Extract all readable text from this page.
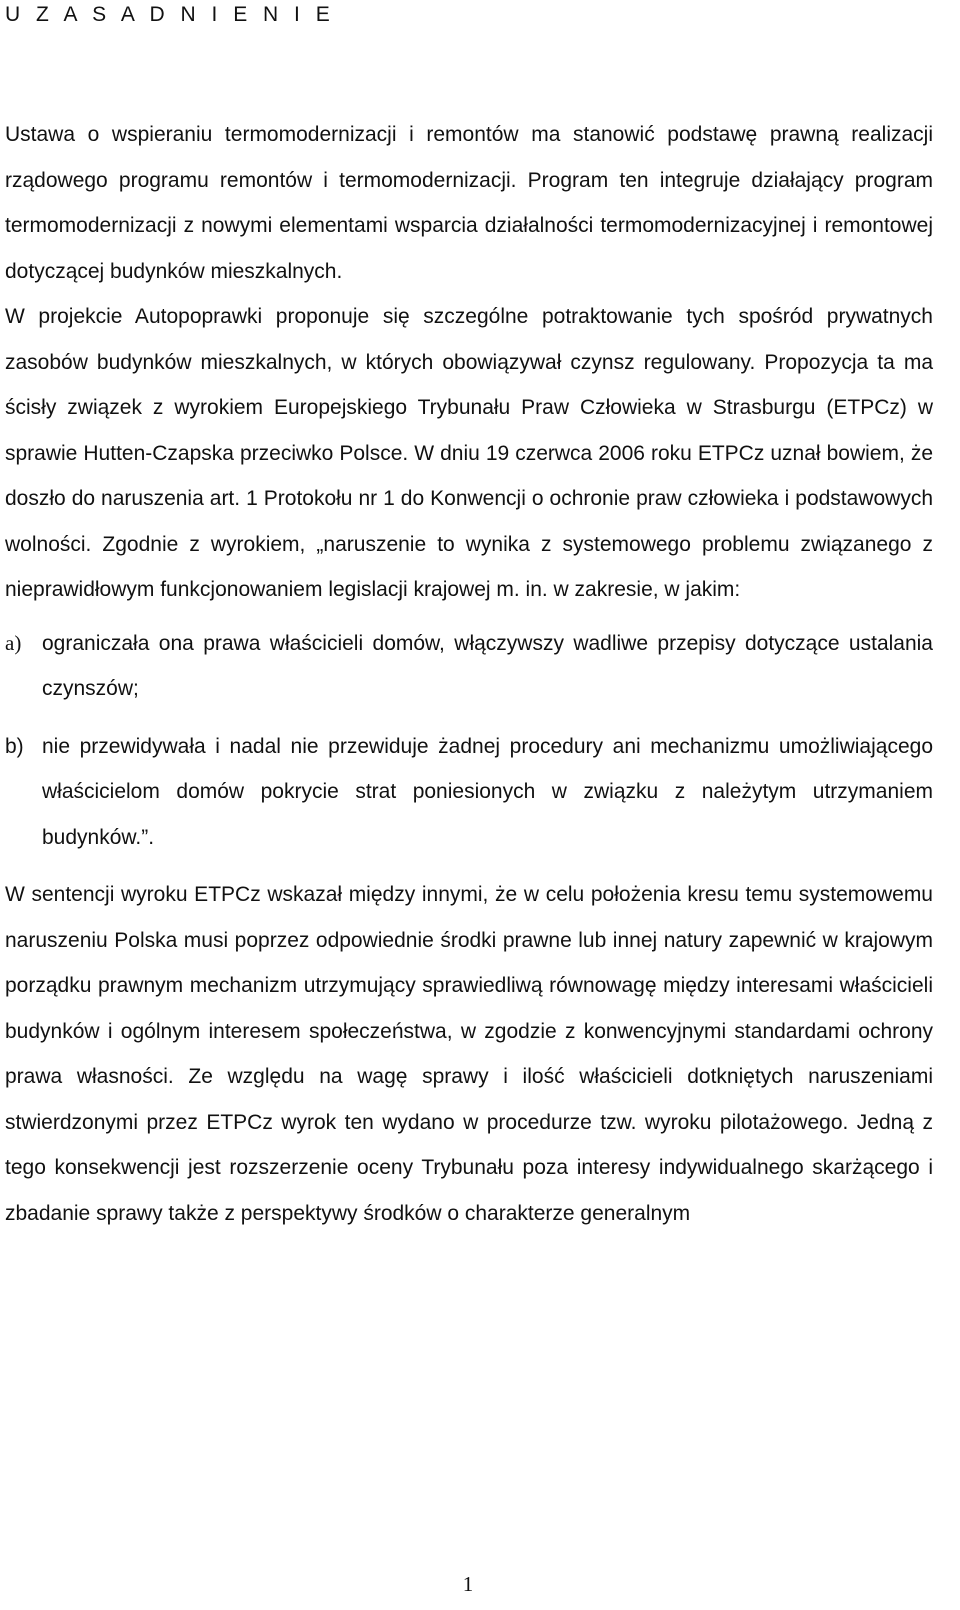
U Z A S A D N I E N I E

Ustawa o wspieraniu termomodernizacji i remontów ma stanowić podstawę prawną realizacji rządowego programu remontów i termomodernizacji. Program ten integruje działający program termomodernizacji z nowymi elementami wsparcia działalności termomodernizacyjnej i remontowej dotyczącej budynków mieszkalnych.

W projekcie Autopoprawki proponuje się szczególne potraktowanie tych spośród prywatnych zasobów budynków mieszkalnych, w których obowiązywał czynsz regulowany. Propozycja ta ma ścisły związek z wyrokiem Europejskiego Trybunału Praw Człowieka w Strasburgu (ETPCz) w sprawie Hutten-Czapska przeciwko Polsce. W dniu 19 czerwca 2006 roku ETPCz uznał bowiem, że doszło do naruszenia art. 1 Protokołu nr 1 do Konwencji o ochronie praw człowieka i podstawowych wolności. Zgodnie z wyrokiem, „naruszenie to wynika z systemowego problemu związanego z nieprawidłowym funkcjonowaniem legislacji krajowej m. in. w zakresie, w jakim:

a) ograniczała ona prawa właścicieli domów, włączywszy wadliwe przepisy dotyczące ustalania czynszów;
b) nie przewidywała i nadal nie przewiduje żadnej procedury ani mechanizmu umożliwiającego właścicielom domów pokrycie strat poniesionych w związku z należytym utrzymaniem budynków.”.

W sentencji wyroku ETPCz wskazał między innymi, że w celu położenia kresu temu systemowemu naruszeniu Polska musi poprzez odpowiednie środki prawne lub innej natury zapewnić w krajowym porządku prawnym mechanizm utrzymujący sprawiedliwą równowagę między interesami właścicieli budynków i ogólnym interesem społeczeństwa, w zgodzie z konwencyjnymi standardami ochrony prawa własności. Ze względu na wagę sprawy i ilość właścicieli dotkniętych naruszeniami stwierdzonymi przez ETPCz wyrok ten wydano w procedurze tzw. wyroku pilotażowego. Jedną z tego konsekwencji jest rozszerzenie oceny Trybunału poza interesy indywidualnego skarżącego i zbadanie sprawy także z perspektywy środków o charakterze generalnym

1
